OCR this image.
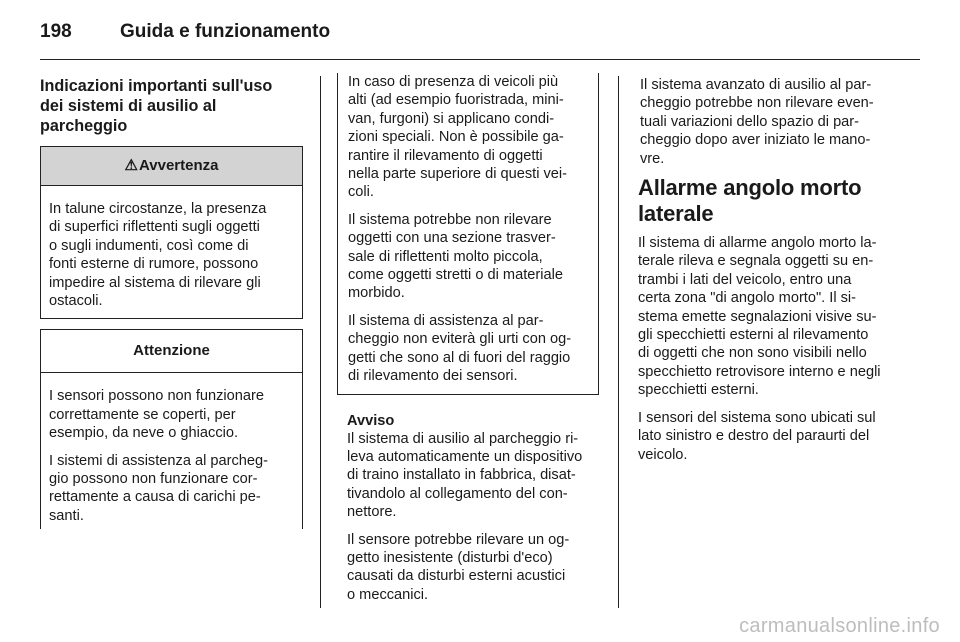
198	Guida e funzionamento
Indicazioni importanti sull'uso
dei sistemi di ausilio al
parcheggio
⚠Avvertenza
In talune circostanze, la presenza
di superfici riflettenti sugli oggetti
o sugli indumenti, così come di
fonti esterne di rumore, possono
impedire al sistema di rilevare gli
ostacoli.
Attenzione
I sensori possono non funzionare
correttamente se coperti, per
esempio, da neve o ghiaccio.
I sistemi di assistenza al parcheg-
gio possono non funzionare cor-
rettamente a causa di carichi pe-
santi.
In caso di presenza di veicoli più
alti (ad esempio fuoristrada, mini-
van, furgoni) si applicano condi-
zioni speciali. Non è possibile ga-
rantire il rilevamento di oggetti
nella parte superiore di questi vei-
coli.
Il sistema potrebbe non rilevare
oggetti con una sezione trasver-
sale di riflettenti molto piccola,
come oggetti stretti o di materiale
morbido.
Il sistema di assistenza al par-
cheggio non eviterà gli urti con og-
getti che sono al di fuori del raggio
di rilevamento dei sensori.
Avviso
Il sistema di ausilio al parcheggio ri-
leva automaticamente un dispositivo
di traino installato in fabbrica, disat-
tivandolo al collegamento del con-
nettore.
Il sensore potrebbe rilevare un og-
getto inesistente (disturbi d'eco)
causati da disturbi esterni acustici
o meccanici.
Il sistema avanzato di ausilio al par-
cheggio potrebbe non rilevare even-
tuali variazioni dello spazio di par-
cheggio dopo aver iniziato le mano-
vre.
Allarme angolo morto
laterale
Il sistema di allarme angolo morto la-
terale rileva e segnala oggetti su en-
trambi i lati del veicolo, entro una
certa zona "di angolo morto". Il si-
stema emette segnalazioni visive su-
gli specchietti esterni al rilevamento
di oggetti che non sono visibili nello
specchietto retrovisore interno e negli
specchietti esterni.
I sensori del sistema sono ubicati sul
lato sinistro e destro del paraurti del
veicolo.
carmanualsonline.info
